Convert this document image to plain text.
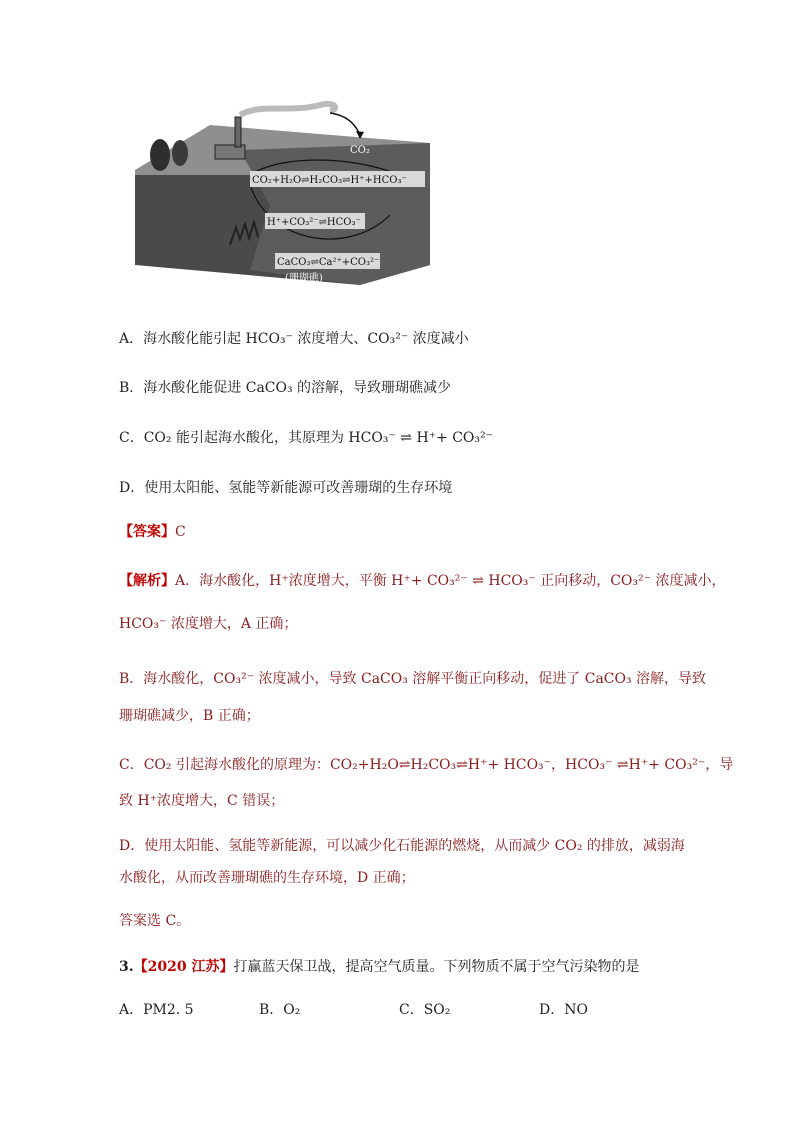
CO₂
CO₂+H₂O⇌H₂CO₃⇌H⁺+HCO₃⁻
H⁺+CO₃²⁻⇌HCO₃⁻
CaCO₃⇌Ca²⁺+CO₃²⁻
(珊瑚礁)
A．海水酸化能引起 HCO₃⁻ 浓度增大、CO₃²⁻ 浓度减小
B．海水酸化能促进 CaCO₃ 的溶解，导致珊瑚礁减少
C．CO₂ 能引起海水酸化，其原理为 HCO₃⁻ ⇌ H⁺+ CO₃²⁻
D．使用太阳能、氢能等新能源可改善珊瑚的生存环境
【答案】C
【解析】A．海水酸化，H⁺浓度增大，平衡 H⁺+ CO₃²⁻ ⇌ HCO₃⁻ 正向移动，CO₃²⁻ 浓度减小，
HCO₃⁻ 浓度增大，A 正确；
B．海水酸化，CO₃²⁻ 浓度减小，导致 CaCO₃ 溶解平衡正向移动，促进了 CaCO₃ 溶解，导致
珊瑚礁减少，B 正确；
C．CO₂ 引起海水酸化的原理为：CO₂+H₂O⇌H₂CO₃⇌H⁺+ HCO₃⁻，HCO₃⁻ ⇌H⁺+ CO₃²⁻，导
致 H⁺浓度增大，C 错误；
D．使用太阳能、氢能等新能源，可以减少化石能源的燃烧，从而减少 CO₂ 的排放，减弱海
水酸化，从而改善珊瑚礁的生存环境，D 正确；
答案选 C。
3.【2020 江苏】打赢蓝天保卫战，提高空气质量。下列物质不属于空气污染物的是
A．PM2. 5	B．O₂	C．SO₂	D．NO
